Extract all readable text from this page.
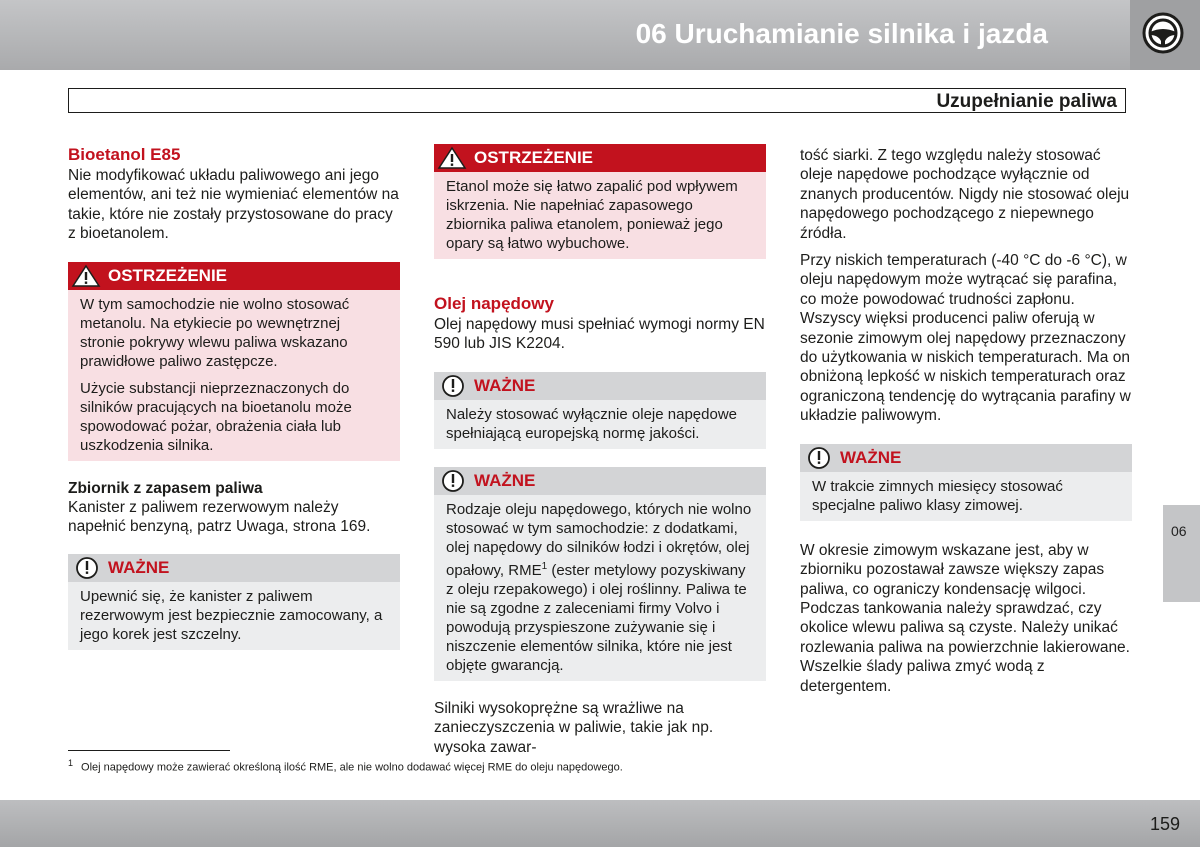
06 Uruchamianie silnika i jazda
Uzupełnianie paliwa
Bioetanol E85

Nie modyfikować układu paliwowego ani jego elementów, ani też nie wymieniać elementów na takie, które nie zostały przystosowane do pracy z bioetanolem.

OSTRZEŻENIE

W tym samochodzie nie wolno stosować metanolu. Na etykiecie po wewnętrznej stronie pokrywy wlewu paliwa wskazano prawidłowe paliwo zastępcze.

Użycie substancji nieprzeznaczonych do silników pracujących na bioetanolu może spowodować pożar, obrażenia ciała lub uszkodzenia silnika.

Zbiornik z zapasem paliwa

Kanister z paliwem rezerwowym należy napełnić benzyną, patrz Uwaga, strona 169.

WAŻNE

Upewnić się, że kanister z paliwem rezerwowym jest bezpiecznie zamocowany, a jego korek jest szczelny.

OSTRZEŻENIE

Etanol może się łatwo zapalić pod wpływem iskrzenia. Nie napełniać zapasowego zbiornika paliwa etanolem, ponieważ jego opary są łatwo wybuchowe.

Olej napędowy

Olej napędowy musi spełniać wymogi normy EN 590 lub JIS K2204.

WAŻNE

Należy stosować wyłącznie oleje napędowe spełniającą europejską normę jakości.

WAŻNE

Rodzaje oleju napędowego, których nie wolno stosować w tym samochodzie: z dodatkami, olej napędowy do silników łodzi i okrętów, olej opałowy, RME$^1$ (ester metylowy pozyskiwany z oleju rzepakowego) i olej roślinny. Paliwa te nie są zgodne z zaleceniami firmy Volvo i powodują przyspieszone zużywanie się i niszczenie elementów silnika, które nie jest objęte gwarancją.

Silniki wysokoprężne są wrażliwe na zanieczyszczenia w paliwie, takie jak np. wysoka zawar-

tość siarki. Z tego względu należy stosować oleje napędowe pochodzące wyłącznie od znanych producentów. Nigdy nie stosować oleju napędowego pochodzącego z niepewnego źródła.

Przy niskich temperaturach (-40 °C do -6 °C), w oleju napędowym może wytrącać się parafina, co może powodować trudności zapłonu. Wszyscy więksi producenci paliw oferują w sezonie zimowym olej napędowy przeznaczony do użytkowania w niskich temperaturach. Ma on obniżoną lepkość w niskich temperaturach oraz ograniczoną tendencję do wytrącania parafiny w układzie paliwowym.

WAŻNE

W trakcie zimnych miesięcy stosować specjalne paliwo klasy zimowej.

W okresie zimowym wskazane jest, aby w zbiorniku pozostawał zawsze większy zapas paliwa, co ograniczy kondensację wilgoci. Podczas tankowania należy sprawdzać, czy okolice wlewu paliwa są czyste. Należy unikać rozlewania paliwa na powierzchnie lakierowane. Wszelkie ślady paliwa zmyć wodą z detergentem.

06
$^1$ Olej napędowy może zawierać określoną ilość RME, ale nie wolno dodawać więcej RME do oleju napędowego.
159
